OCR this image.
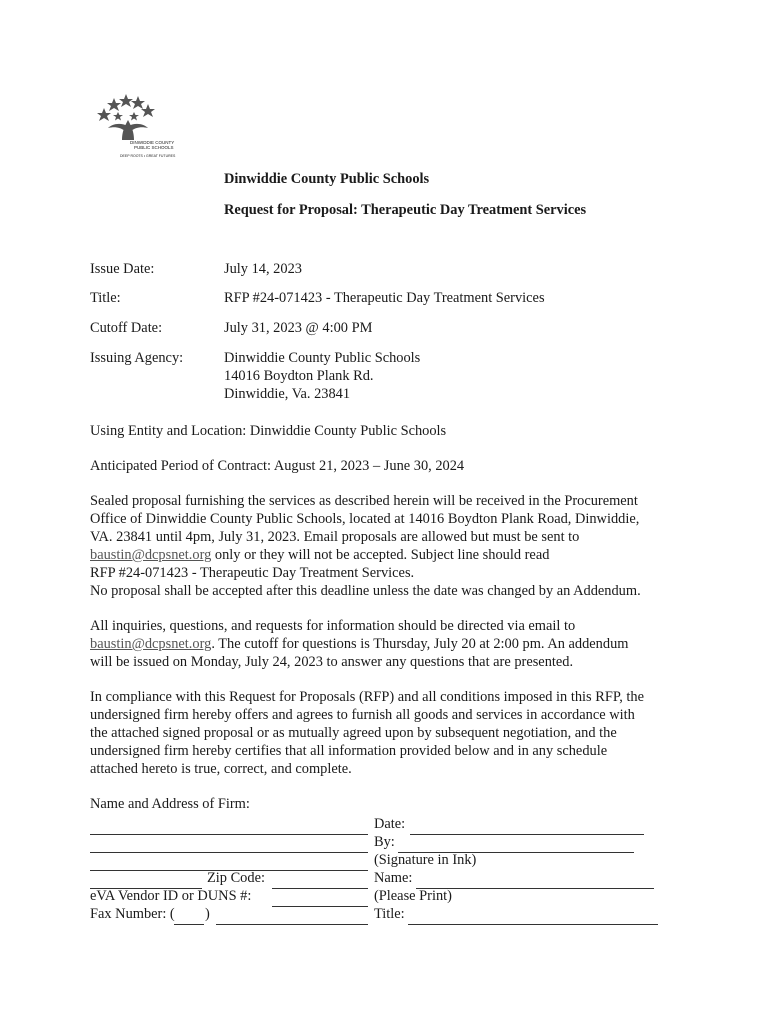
DINWIDDIE COUNTY
PUBLIC SCHOOLS
DEEP ROOTS • GREAT FUTURES
Dinwiddie County Public Schools
Request for Proposal: Therapeutic Day Treatment Services
Issue Date:	July 14, 2023
Title:	RFP #24-071423 - Therapeutic Day Treatment Services
Cutoff Date:	July 31, 2023 @ 4:00 PM
Issuing Agency:	Dinwiddie County Public Schools
14016 Boydton Plank Rd.
Dinwiddie, Va. 23841
Using Entity and Location: Dinwiddie County Public Schools
Anticipated Period of Contract: August 21, 2023 – June 30, 2024
Sealed proposal furnishing the services as described herein will be received in the Procurement
Office of Dinwiddie County Public Schools, located at 14016 Boydton Plank Road, Dinwiddie,
VA. 23841 until 4pm, July 31, 2023. Email proposals are allowed but must be sent to
baustin@dcpsnet.org only or they will not be accepted. Subject line should read
RFP #24-071423 - Therapeutic Day Treatment Services.
No proposal shall be accepted after this deadline unless the date was changed by an Addendum.
All inquiries, questions, and requests for information should be directed via email to
baustin@dcpsnet.org. The cutoff for questions is Thursday, July 20 at 2:00 pm. An addendum
will be issued on Monday, July 24, 2023 to answer any questions that are presented.
In compliance with this Request for Proposals (RFP) and all conditions imposed in this RFP, the
undersigned firm hereby offers and agrees to furnish all goods and services in accordance with
the attached signed proposal or as mutually agreed upon by subsequent negotiation, and the
undersigned firm hereby certifies that all information provided below and in any schedule
attached hereto is true, correct, and complete.
Name and Address of Firm:
Zip Code:
eVA Vendor ID or DUNS #:
Fax Number: ( )
Date:
By:
(Signature in Ink)
Name:
(Please Print)
Title:
